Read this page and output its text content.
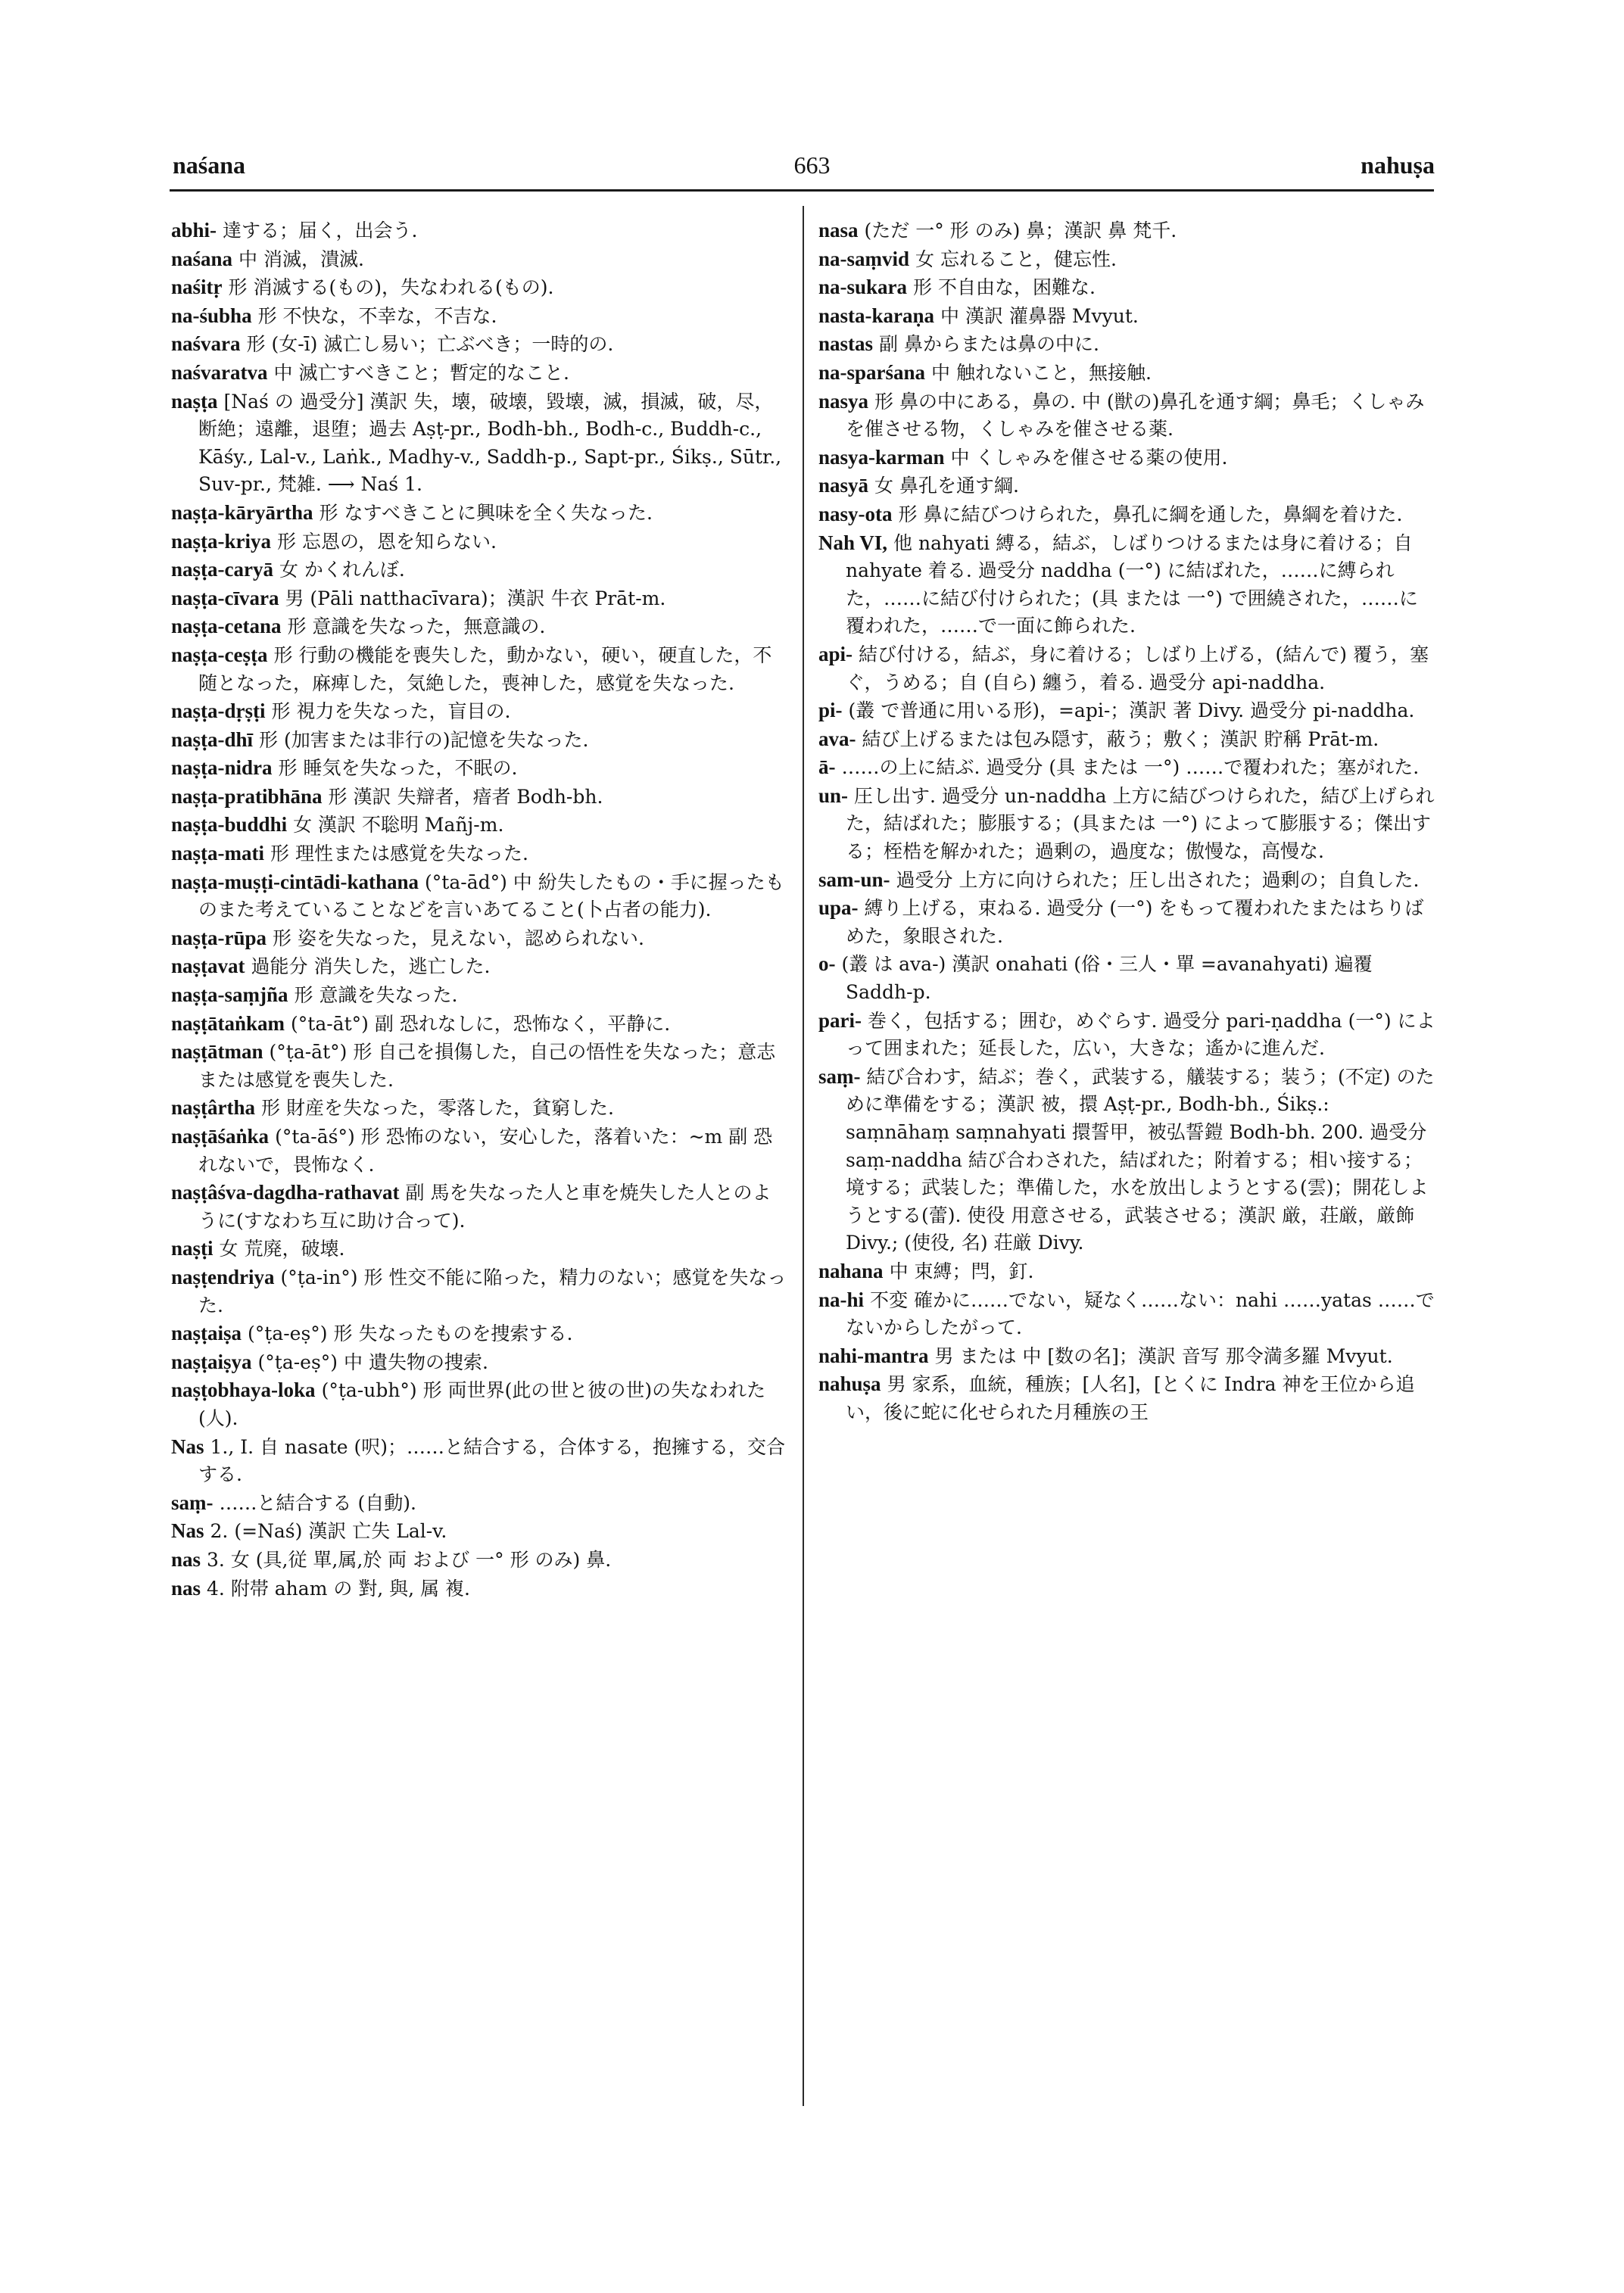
naśana	663	nahuṣa

abhi- 達する；届く，出会う.

naśana 中 消滅，潰滅.

naśitṛ 形 消滅する(もの)，失なわれる(もの).

na-śubha 形 不快な，不幸な，不吉な.

naśvara 形 (女-ī) 滅亡し易い；亡ぶべき；一時的の.

naśvaratva 中 滅亡すべきこと；暫定的なこと.

naṣṭa [Naś の 過受分] 漢訳 失，壊，破壊，毀壊，滅，損滅，破，尽，断絶；遠離，退堕；過去 Aṣṭ-pr., Bodh-bh., Bodh-c., Buddh-c., Kāśy., Lal-v., Laṅk., Madhy-v., Saddh-p., Sapt-pr., Śikṣ., Sūtr., Suv-pr., 梵雑. ⟶ Naś 1.

naṣṭa-kāryārtha 形 なすべきことに興味を全く失なった.

naṣṭa-kriya 形 忘恩の，恩を知らない.

naṣṭa-caryā 女 かくれんぼ.

naṣṭa-cīvara 男 (Pāli natthacīvara)；漢訳 牛衣 Prāt-m.

naṣṭa-cetana 形 意識を失なった，無意識の.

naṣṭa-ceṣṭa 形 行動の機能を喪失した，動かない，硬い，硬直した，不随となった，麻痺した，気絶した，喪神した，感覚を失なった.

naṣṭa-dṛṣṭi 形 視力を失なった，盲目の.

naṣṭa-dhī 形 (加害または非行の)記憶を失なった.

naṣṭa-nidra 形 睡気を失なった，不眠の.

naṣṭa-pratibhāna 形 漢訳 失辯者，瘖者 Bodh-bh.

naṣṭa-buddhi 女 漢訳 不聡明 Mañj-m.

naṣṭa-mati 形 理性または感覚を失なった.

naṣṭa-muṣṭi-cintādi-kathana (°ta-ād°) 中 紛失したもの・手に握ったものまた考えていることなどを言いあてること(卜占者の能力).

naṣṭa-rūpa 形 姿を失なった，見えない，認められない.

naṣṭavat 過能分 消失した，逃亡した.

naṣṭa-saṃjña 形 意識を失なった.

naṣṭātaṅkam (°ta-āt°) 副 恐れなしに，恐怖なく，平静に.

naṣṭātman (°ṭa-āt°) 形 自己を損傷した，自己の悟性を失なった；意志または感覚を喪失した.

naṣṭârtha 形 財産を失なった，零落した，貧窮した.

naṣṭāśaṅka (°ta-āś°) 形 恐怖のない，安心した，落着いた：~m 副 恐れないで，畏怖なく.

naṣṭâśva-dagdha-rathavat 副 馬を失なった人と車を焼失した人とのように(すなわち互に助け合って).

naṣṭi 女 荒廃，破壊.

naṣṭendriya (°ṭa-in°) 形 性交不能に陥った，精力のない；感覚を失なった.

naṣṭaiṣa (°ṭa-eṣ°) 形 失なったものを捜索する.

naṣṭaiṣya (°ṭa-eṣ°) 中 遺失物の捜索.

naṣṭobhaya-loka (°ṭa-ubh°) 形 両世界(此の世と彼の世)の失なわれた(人).

Nas 1., I. 自 nasate (呎)；……と結合する，合体する，抱擁する，交合する.

saṃ- ……と結合する (自動).

Nas 2. (=Naś) 漢訳 亡失 Lal-v.

nas 3. 女 (具,従 單,属,於 両 および 一° 形 のみ) 鼻.

nas 4. 附帯 aham の 對, 與, 属 複.

nasa (ただ 一° 形 のみ) 鼻；漢訳 鼻 梵千.

na-saṃvid 女 忘れること，健忘性.

na-sukara 形 不自由な，困難な.

nasta-karaṇa 中 漢訳 灌鼻器 Mvyut.

nastas 副 鼻からまたは鼻の中に.

na-sparśana 中 触れないこと，無接触.

nasya 形 鼻の中にある，鼻の. 中 (獣の)鼻孔を通す綱；鼻毛；くしゃみを催させる物，くしゃみを催させる薬.

nasya-karman 中 くしゃみを催させる薬の使用.

nasyā 女 鼻孔を通す綱.

nasy-ota 形 鼻に結びつけられた，鼻孔に綱を通した，鼻綱を着けた.

Nah VI, 他 nahyati 縛る，結ぶ，しばりつけるまたは身に着ける；自 nahyate 着る. 過受分 naddha (一°) に結ばれた，……に縛られた，……に結び付けられた；(具 または 一°) で囲繞された，……に覆われた，……で一面に飾られた.

api- 結び付ける，結ぶ，身に着ける；しばり上げる，(結んで) 覆う，塞ぐ，うめる；自 (自ら) 纏う，着る. 過受分 api-naddha.

pi- (叢 で普通に用いる形)，=api-；漢訳 著 Divy. 過受分 pi-naddha.

ava- 結び上げるまたは包み隠す，蔽う；敷く；漢訳 貯稱 Prāt-m.

ā- ……の上に結ぶ. 過受分 (具 または 一°) ……で覆われた；塞がれた.

un- 圧し出す. 過受分 un-naddha 上方に結びつけられた，結び上げられた，結ばれた；膨脹する；(具または 一°) によって膨脹する；傑出する；桎梏を解かれた；過剰の，過度な；傲慢な，高慢な.

sam-un- 過受分 上方に向けられた；圧し出された；過剰の；自負した.

upa- 縛り上げる，束ねる. 過受分 (一°) をもって覆われたまたはちりばめた，象眼された.

o- (叢 は ava-) 漢訳 onahati (俗・三人・單 =avanahyati) 遍覆 Saddh-p.

pari- 巻く，包括する；囲む，めぐらす. 過受分 pari-ṇaddha (一°) によって囲まれた；延長した，広い，大きな；遙かに進んだ.

saṃ- 結び合わす，結ぶ；巻く，武装する，艤装する；装う；(不定) のために準備をする；漢訳 被，擐 Aṣṭ-pr., Bodh-bh., Śikṣ.: saṃnāhaṃ saṃnahyati 擐誓甲，被弘誓鎧 Bodh-bh. 200. 過受分 saṃ-naddha 結び合わされた，結ばれた；附着する；相い接する；境する；武装した；準備した，水を放出しようとする(雲)；開花しようとする(蕾). 使役 用意させる，武装させる；漢訳 厳，荘厳，厳飾 Divy.; (使役, 名) 荘厳 Divy.

nahana 中 束縛；閂，釘.

na-hi 不変 確かに……でない，疑なく……ない：nahi ……yatas ……でないからしたがって.

nahi-mantra 男 または 中 [数の名]；漢訳 音写 那令満多羅 Mvyut.

nahuṣa 男 家系，血統，種族；[人名]，[とくに Indra 神を王位から追い，後に蛇に化せられた月種族の王
